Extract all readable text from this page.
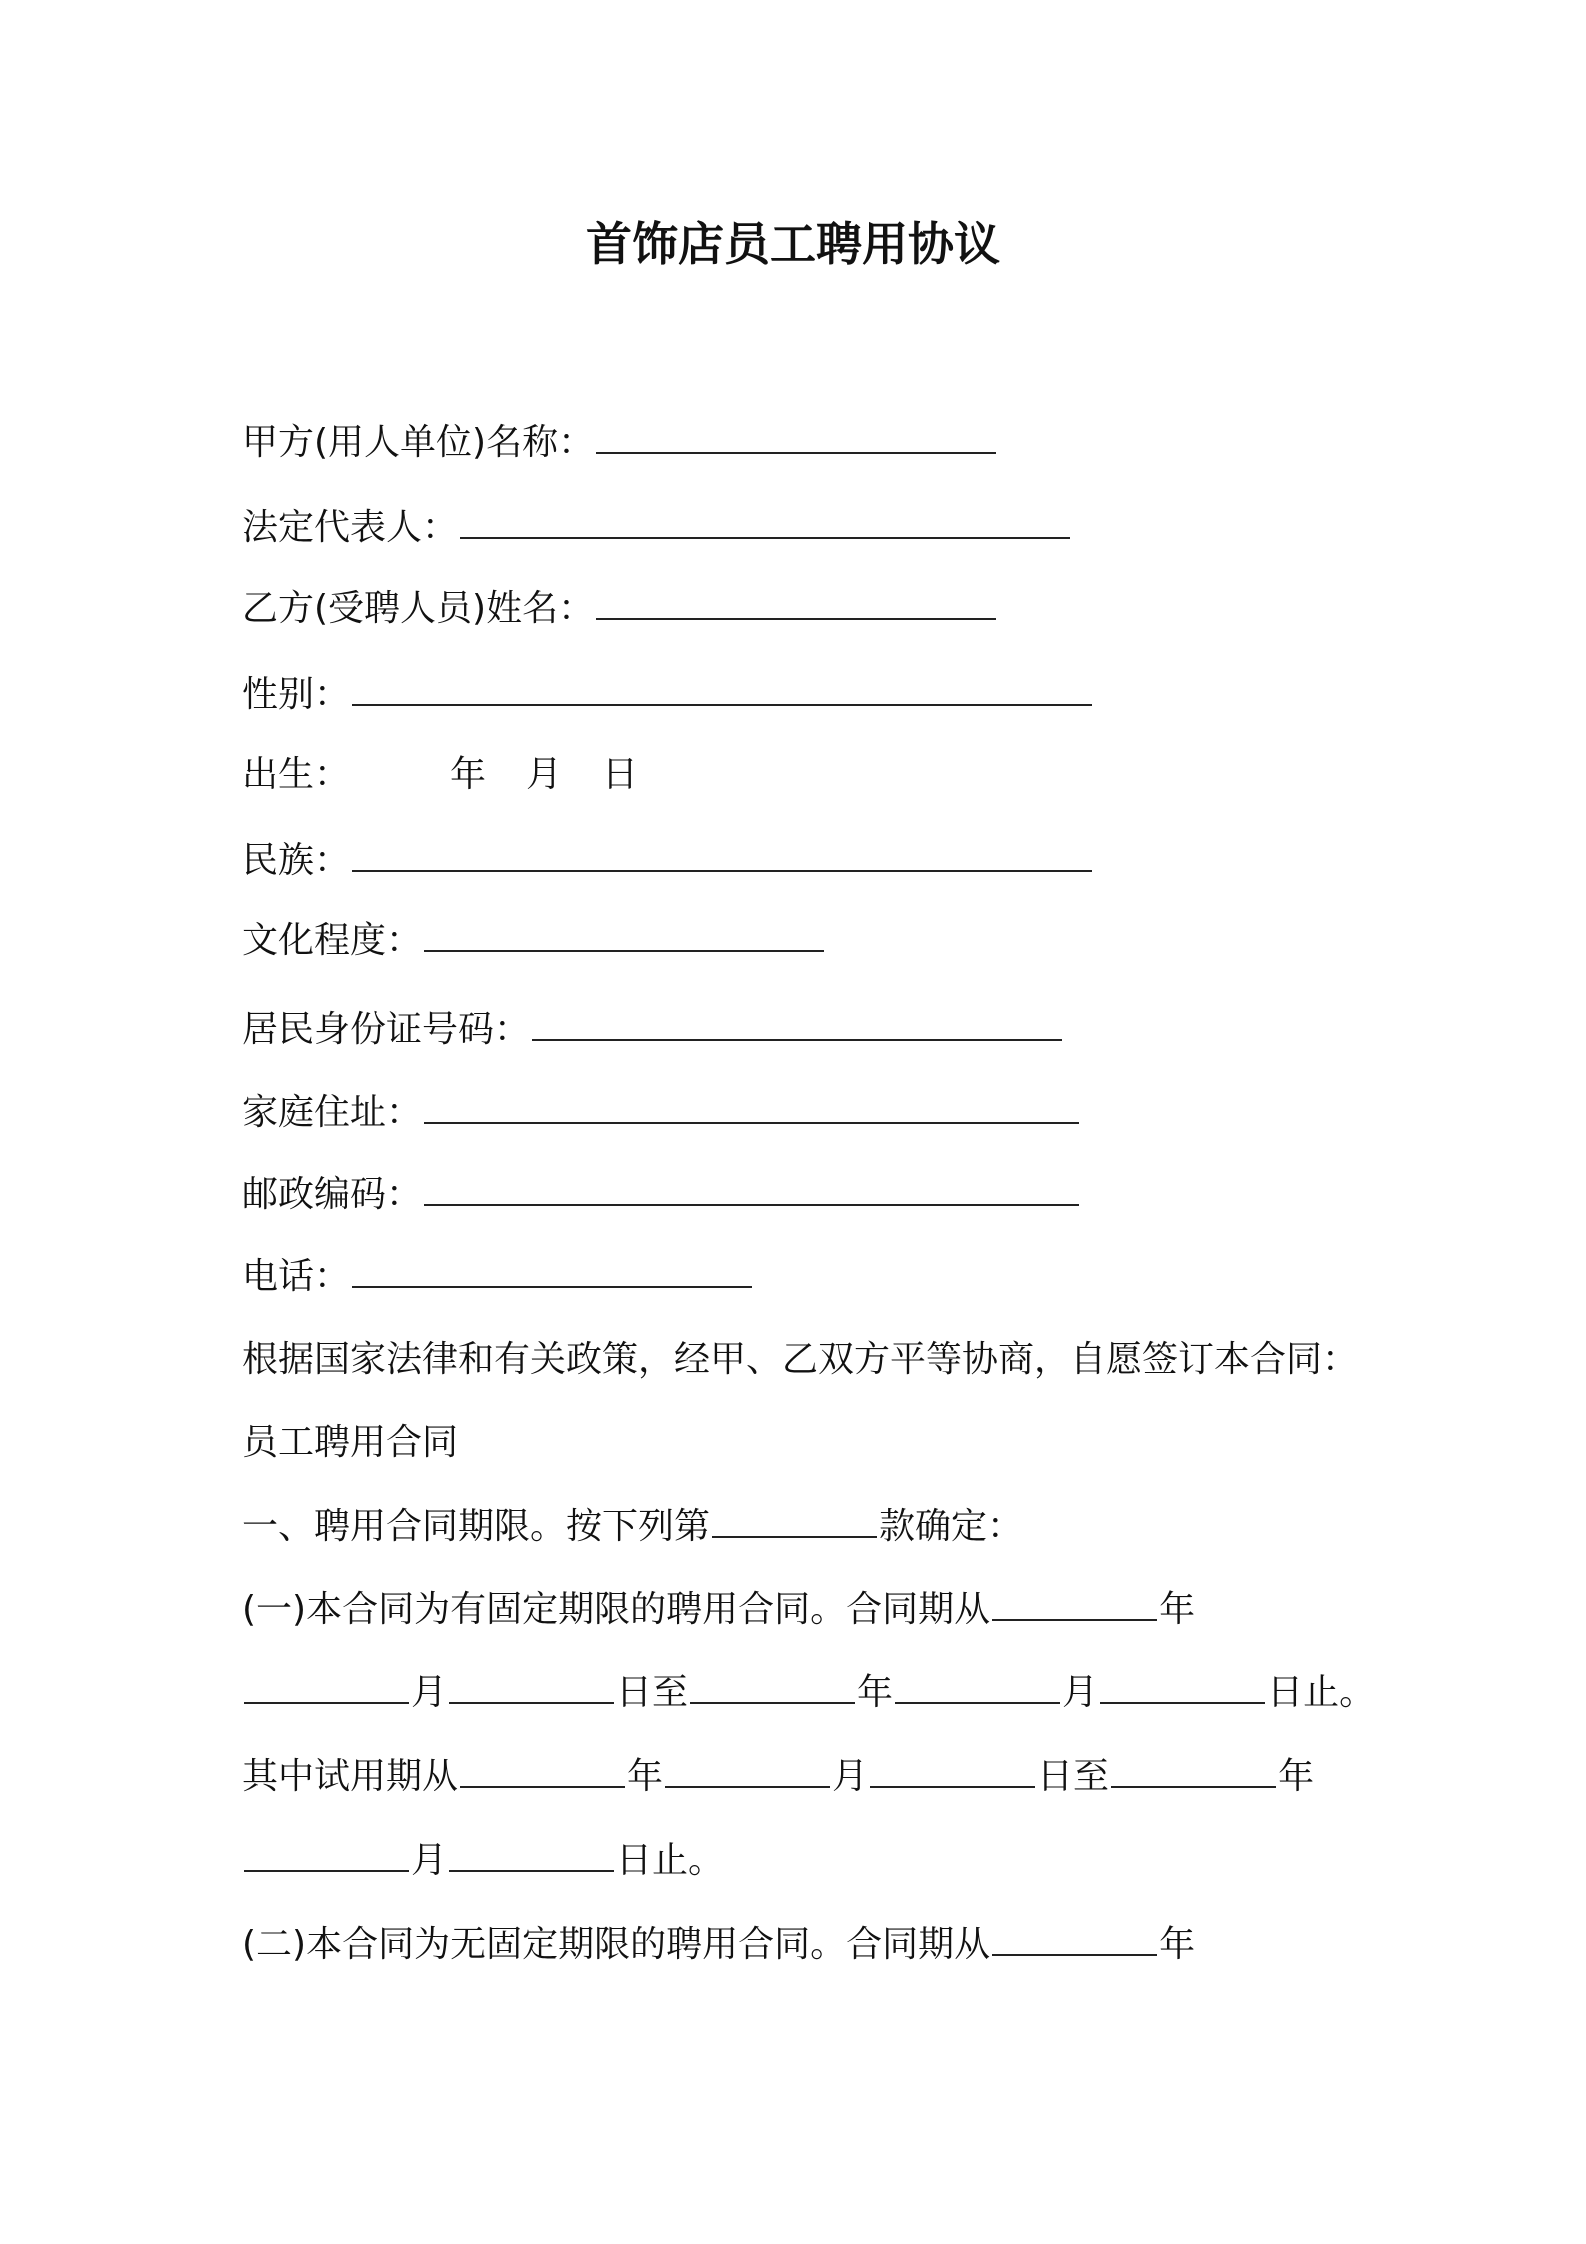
首饰店员工聘用协议

甲方(用人单位)名称：

法定代表人：

乙方(受聘人员)姓名：

性别：

出生：	年 月 日

民族：

文化程度：

居民身份证号码：

家庭住址：

邮政编码：

电话：

根据国家法律和有关政策，经甲、乙双方平等协商，自愿签订本合同：

员工聘用合同

一、聘用合同期限。按下列第	款确定：

(一)本合同为有固定期限的聘用合同。合同期从	年

月	日至	年	月	日止。

其中试用期从	年	月	日至	年

月	日止。

(二)本合同为无固定期限的聘用合同。合同期从	年
